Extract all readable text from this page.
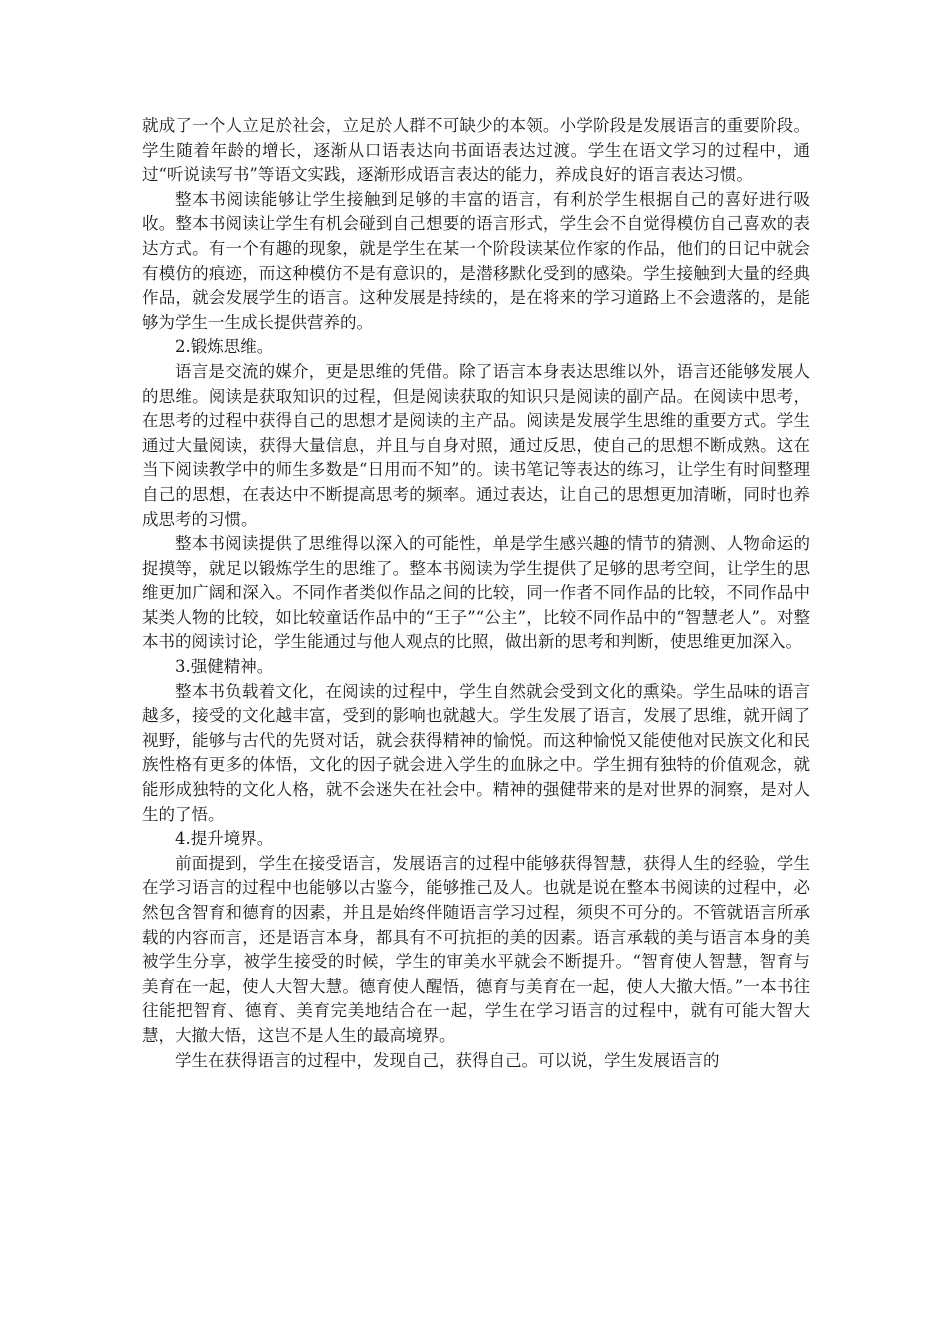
就成了一个人立足於社会，立足於人群不可缺少的本领。小学阶段是发展语言的重要阶段。学生随着年龄的增长，逐渐从口语表达向书面语表达过渡。学生在语文学习的过程中，通过“听说读写书”等语文实践，逐渐形成语言表达的能力，养成良好的语言表达习惯。

整本书阅读能够让学生接触到足够的丰富的语言，有利於学生根据自己的喜好进行吸收。整本书阅读让学生有机会碰到自己想要的语言形式，学生会不自觉得模仿自己喜欢的表达方式。有一个有趣的现象，就是学生在某一个阶段读某位作家的作品，他们的日记中就会有模仿的痕迹，而这种模仿不是有意识的，是潜移默化受到的感染。学生接触到大量的经典作品，就会发展学生的语言。这种发展是持续的，是在将来的学习道路上不会遗落的，是能够为学生一生成长提供营养的。

2.锻炼思维。

语言是交流的媒介，更是思维的凭借。除了语言本身表达思维以外，语言还能够发展人的思维。阅读是获取知识的过程，但是阅读获取的知识只是阅读的副产品。在阅读中思考，在思考的过程中获得自己的思想才是阅读的主产品。阅读是发展学生思维的重要方式。学生通过大量阅读，获得大量信息，并且与自身对照，通过反思，使自己的思想不断成熟。这在当下阅读教学中的师生多数是“日用而不知”的。读书笔记等表达的练习，让学生有时间整理自己的思想，在表达中不断提高思考的频率。通过表达，让自己的思想更加清晰，同时也养成思考的习惯。

整本书阅读提供了思维得以深入的可能性，单是学生感兴趣的情节的猜测、人物命运的捉摸等，就足以锻炼学生的思维了。整本书阅读为学生提供了足够的思考空间，让学生的思维更加广阔和深入。不同作者类似作品之间的比较，同一作者不同作品的比较，不同作品中某类人物的比较，如比较童话作品中的“王子”“公主”，比较不同作品中的“智慧老人”。对整本书的阅读讨论，学生能通过与他人观点的比照，做出新的思考和判断，使思维更加深入。

3.强健精神。

整本书负载着文化，在阅读的过程中，学生自然就会受到文化的熏染。学生品味的语言越多，接受的文化越丰富，受到的影响也就越大。学生发展了语言，发展了思维，就开阔了视野，能够与古代的先贤对话，就会获得精神的愉悦。而这种愉悦又能使他对民族文化和民族性格有更多的体悟，文化的因子就会进入学生的血脉之中。学生拥有独特的价值观念，就能形成独特的文化人格，就不会迷失在社会中。精神的强健带来的是对世界的洞察，是对人生的了悟。

4.提升境界。

前面提到，学生在接受语言，发展语言的过程中能够获得智慧，获得人生的经验，学生在学习语言的过程中也能够以古鉴今，能够推己及人。也就是说在整本书阅读的过程中，必然包含智育和德育的因素，并且是始终伴随语言学习过程，须臾不可分的。不管就语言所承载的内容而言，还是语言本身，都具有不可抗拒的美的因素。语言承载的美与语言本身的美被学生分享，被学生接受的时候，学生的审美水平就会不断提升。“智育使人智慧，智育与美育在一起，使人大智大慧。德育使人醒悟，德育与美育在一起，使人大撤大悟。”一本书往往能把智育、德育、美育完美地结合在一起，学生在学习语言的过程中，就有可能大智大慧，大撤大悟，这岂不是人生的最高境界。

学生在获得语言的过程中，发现自己，获得自己。可以说，学生发展语言的
